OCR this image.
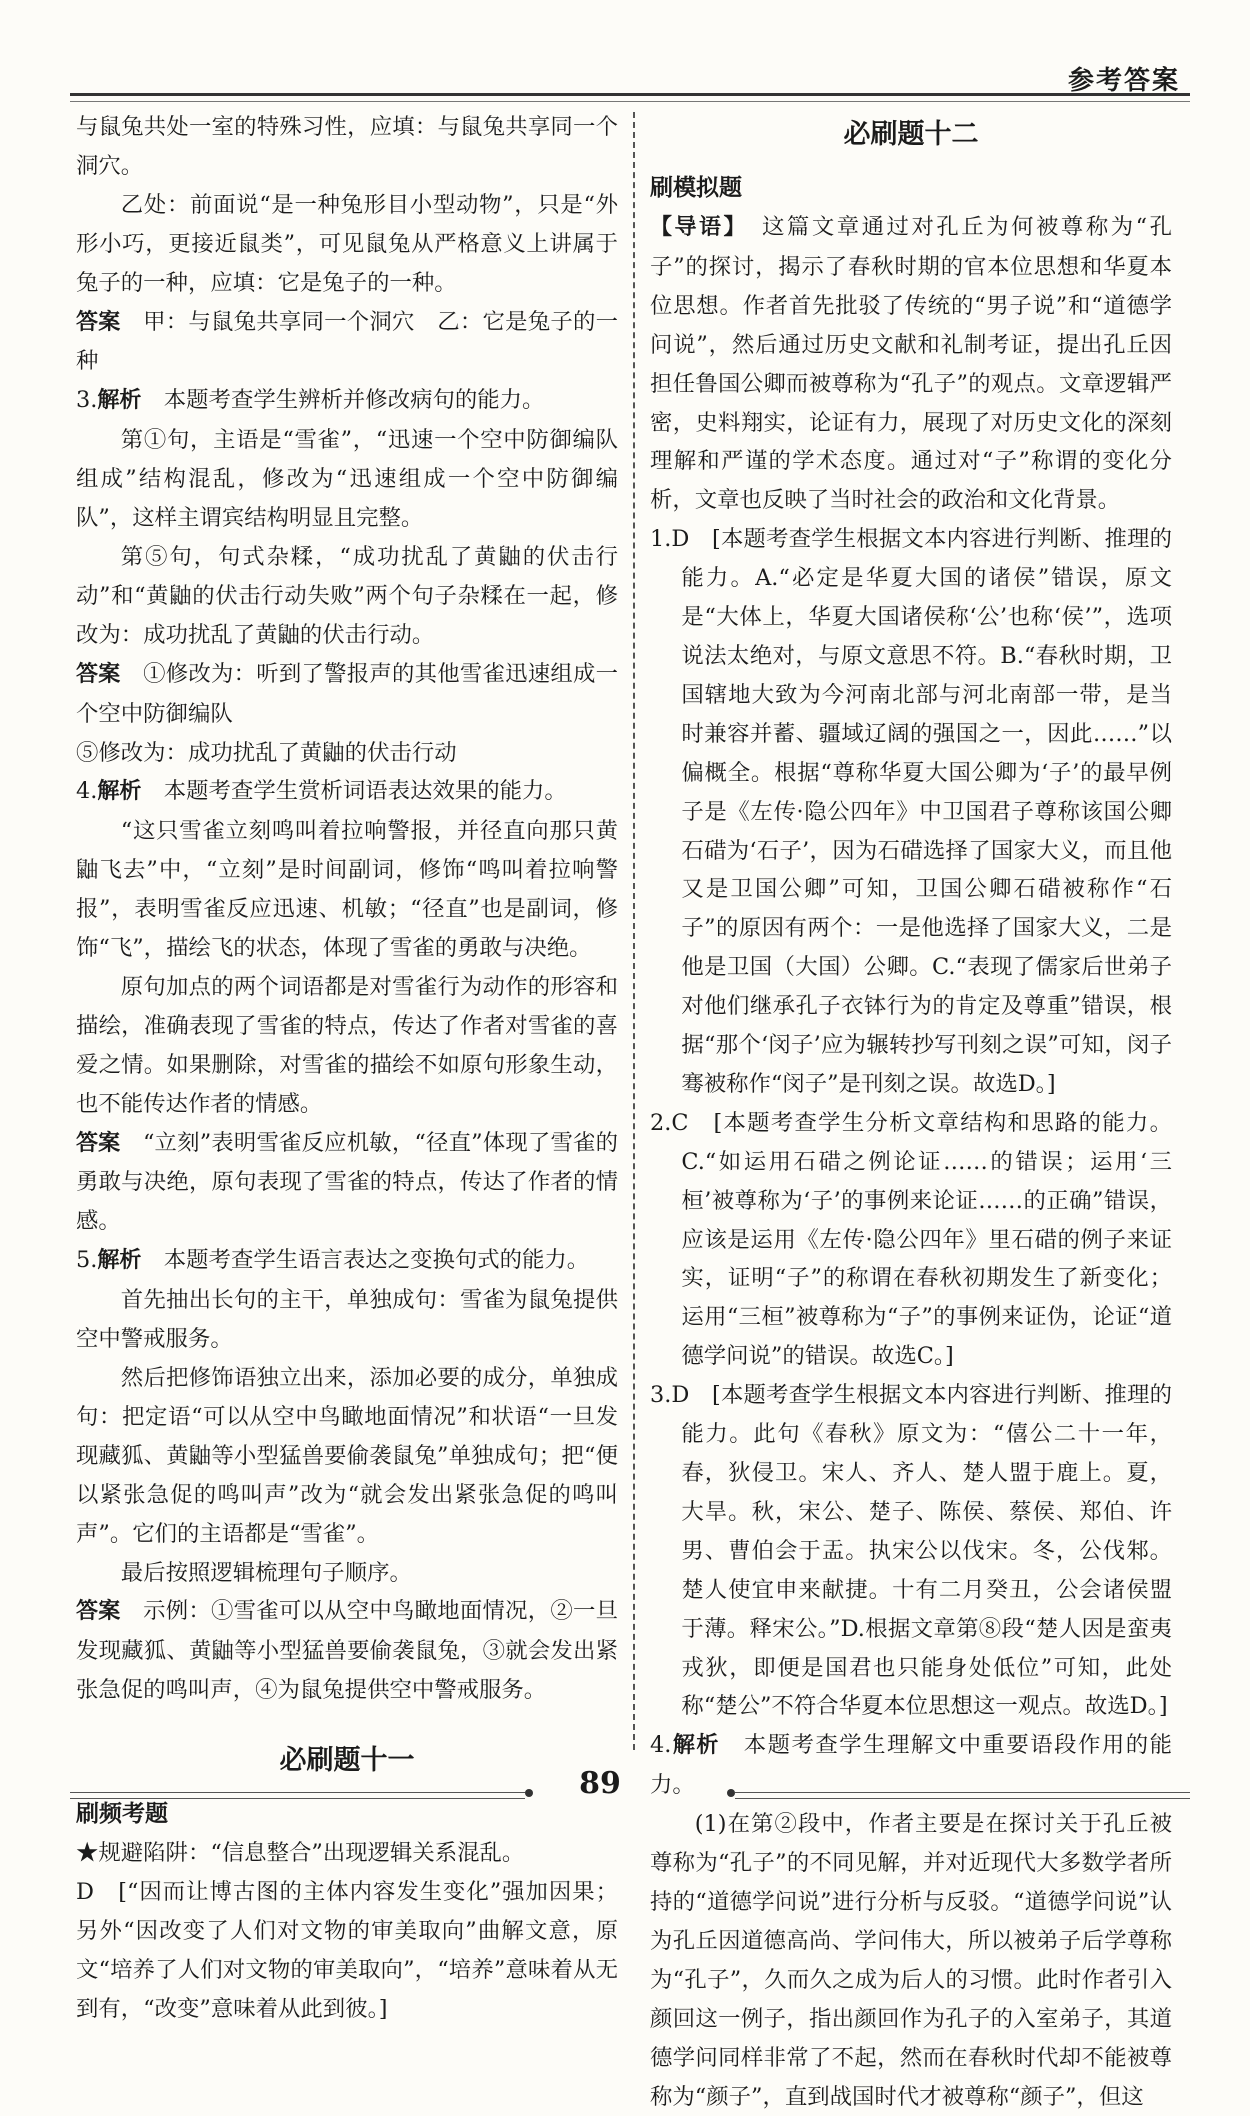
参考答案

与鼠兔共处一室的特殊习性，应填：与鼠兔共享同一个洞穴。

乙处：前面说“是一种兔形目小型动物”，只是“外形小巧，更接近鼠类”，可见鼠兔从严格意义上讲属于兔子的一种，应填：它是兔子的一种。

答案　 甲：与鼠兔共享同一个洞穴　乙：它是兔子的一种

3.解析　 本题考查学生辨析并修改病句的能力。

第①句，主语是“雪雀”，“迅速一个空中防御编队组成”结构混乱，修改为“迅速组成一个空中防御编队”，这样主谓宾结构明显且完整。

第⑤句，句式杂糅，“成功扰乱了黄鼬的伏击行动”和“黄鼬的伏击行动失败”两个句子杂糅在一起，修改为：成功扰乱了黄鼬的伏击行动。

答案　 ①修改为：听到了警报声的其他雪雀迅速组成一个空中防御编队

⑤修改为：成功扰乱了黄鼬的伏击行动

4.解析　 本题考查学生赏析词语表达效果的能力。

“这只雪雀立刻鸣叫着拉响警报，并径直向那只黄鼬飞去”中，“立刻”是时间副词，修饰“鸣叫着拉响警报”，表明雪雀反应迅速、机敏；“径直”也是副词，修饰“飞”，描绘飞的状态，体现了雪雀的勇敢与决绝。

原句加点的两个词语都是对雪雀行为动作的形容和描绘，准确表现了雪雀的特点，传达了作者对雪雀的喜爱之情。如果删除，对雪雀的描绘不如原句形象生动，也不能传达作者的情感。

答案　 “立刻”表明雪雀反应机敏，“径直”体现了雪雀的勇敢与决绝，原句表现了雪雀的特点，传达了作者的情感。

5.解析　 本题考查学生语言表达之变换句式的能力。

首先抽出长句的主干，单独成句：雪雀为鼠兔提供空中警戒服务。

然后把修饰语独立出来，添加必要的成分，单独成句：把定语“可以从空中鸟瞰地面情况”和状语“一旦发现藏狐、黄鼬等小型猛兽要偷袭鼠兔”单独成句；把“便以紧张急促的鸣叫声”改为“就会发出紧张急促的鸣叫声”。它们的主语都是“雪雀”。

最后按照逻辑梳理句子顺序。

答案　 示例：①雪雀可以从空中鸟瞰地面情况，②一旦发现藏狐、黄鼬等小型猛兽要偷袭鼠兔，③就会发出紧张急促的鸣叫声，④为鼠兔提供空中警戒服务。

必刷题十一
刷频考题

★规避陷阱：“信息整合”出现逻辑关系混乱。

D　[“因而让博古图的主体内容发生变化”强加因果；另外“因改变了人们对文物的审美取向”曲解文意，原文“培养了人们对文物的审美取向”，“培养”意味着从无到有，“改变”意味着从此到彼。]

必刷题十二
刷模拟题

【导语】　 这篇文章通过对孔丘为何被尊称为“孔子”的探讨，揭示了春秋时期的官本位思想和华夏本位思想。作者首先批驳了传统的“男子说”和“道德学问说”，然后通过历史文献和礼制考证，提出孔丘因担任鲁国公卿而被尊称为“孔子”的观点。文章逻辑严密，史料翔实，论证有力，展现了对历史文化的深刻理解和严谨的学术态度。通过对“子”称谓的变化分析，文章也反映了当时社会的政治和文化背景。

1.D　[本题考查学生根据文本内容进行判断、推理的能力。A.“必定是华夏大国的诸侯”错误，原文是“大体上，华夏大国诸侯称‘公’也称‘侯’”，选项说法太绝对，与原文意思不符。B.“春秋时期，卫国辖地大致为今河南北部与河北南部一带，是当时兼容并蓄、疆域辽阔的强国之一，因此……”以偏概全。根据“尊称华夏大国公卿为‘子’的最早例子是《左传·隐公四年》中卫国君子尊称该国公卿石碏为‘石子’，因为石碏选择了国家大义，而且他又是卫国公卿”可知，卫国公卿石碏被称作“石子”的原因有两个：一是他选择了国家大义，二是他是卫国（大国）公卿。C.“表现了儒家后世弟子对他们继承孔子衣钵行为的肯定及尊重”错误，根据“那个‘闵子’应为辗转抄写刊刻之误”可知，闵子骞被称作“闵子”是刊刻之误。故选D。]

2.C　[本题考查学生分析文章结构和思路的能力。C.“如运用石碏之例论证……的错误；运用‘三桓’被尊称为‘子’的事例来论证……的正确”错误，应该是运用《左传·隐公四年》里石碏的例子来证实，证明“子”的称谓在春秋初期发生了新变化；运用“三桓”被尊称为“子”的事例来证伪，论证“道德学问说”的错误。故选C。]

3.D　[本题考查学生根据文本内容进行判断、推理的能力。此句《春秋》原文为：“僖公二十一年，春，狄侵卫。宋人、齐人、楚人盟于鹿上。夏，大旱。秋，宋公、楚子、陈侯、蔡侯、郑伯、许男、曹伯会于盂。执宋公以伐宋。冬，公伐邾。楚人使宜申来献捷。十有二月癸丑，公会诸侯盟于薄。释宋公。”D.根据文章第⑧段“楚人因是蛮夷戎狄，即便是国君也只能身处低位”可知，此处称“楚公”不符合华夏本位思想这一观点。故选D。]

4.解析　 本题考查学生理解文中重要语段作用的能力。

(1)在第②段中，作者主要是在探讨关于孔丘被尊称为“孔子”的不同见解，并对近现代大多数学者所持的“道德学问说”进行分析与反驳。“道德学问说”认为孔丘因道德高尚、学问伟大，所以被弟子后学尊称为“孔子”，久而久之成为后人的习惯。此时作者引入颜回这一例子，指出颜回作为孔子的入室弟子，其道德学问同样非常了不起，然而在春秋时代却不能被尊称为“颜子”，直到战国时代才被尊称“颜子”，但这

89
